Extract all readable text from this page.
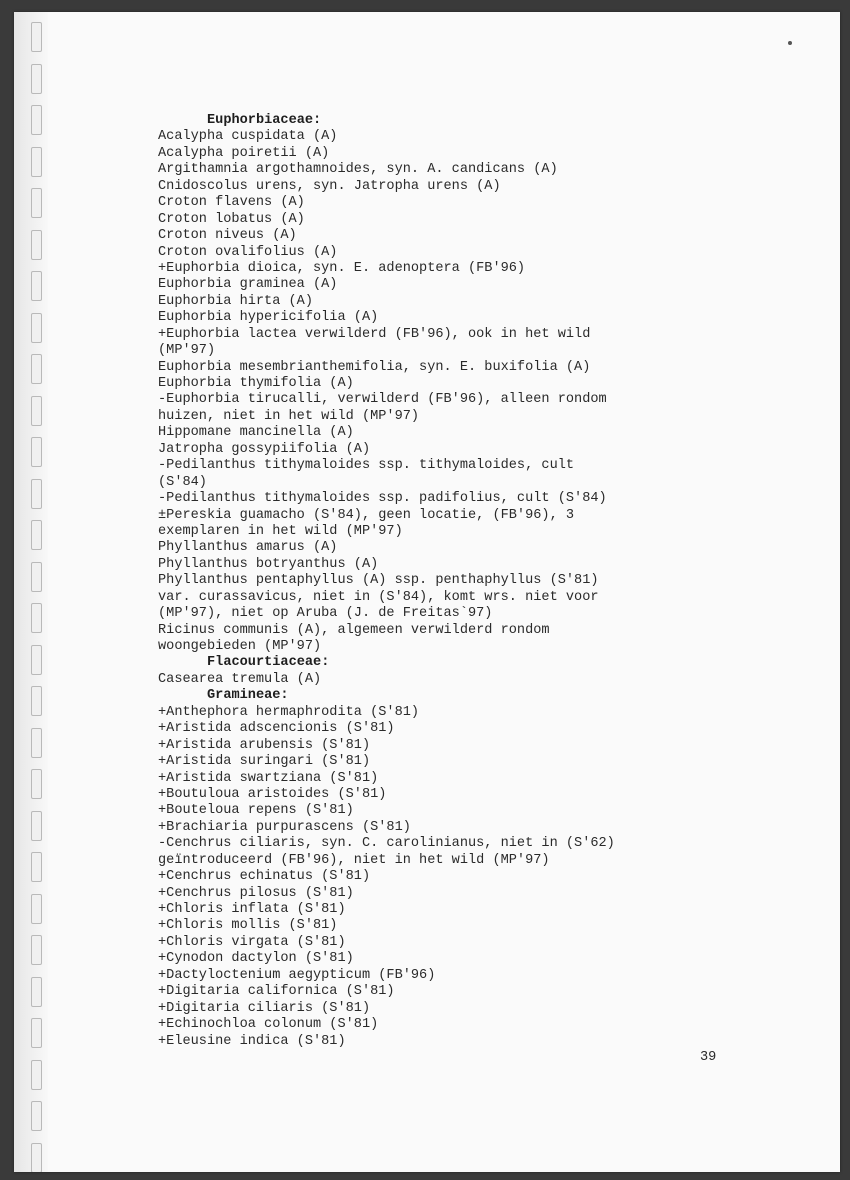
Euphorbiaceae:
Acalypha cuspidata (A)
Acalypha poiretii (A)
Argithamnia argothamnoides, syn. A. candicans (A)
Cnidoscolus urens, syn. Jatropha urens (A)
Croton flavens (A)
Croton lobatus (A)
Croton niveus (A)
Croton ovalifolius (A)
+Euphorbia dioica, syn. E. adenoptera (FB'96)
Euphorbia graminea (A)
Euphorbia hirta (A)
Euphorbia hypericifolia (A)
+Euphorbia lactea verwilderd (FB'96), ook in het wild
(MP'97)
Euphorbia mesembrianthemifolia, syn. E. buxifolia (A)
Euphorbia thymifolia (A)
-Euphorbia tirucalli, verwilderd (FB'96), alleen rondom
huizen, niet in het wild (MP'97)
Hippomane mancinella (A)
Jatropha gossypiifolia (A)
-Pedilanthus tithymaloides ssp. tithymaloides, cult
(S'84)
-Pedilanthus tithymaloides ssp. padifolius, cult (S'84)
±Pereskia guamacho (S'84), geen locatie, (FB'96), 3
exemplaren in het wild (MP'97)
Phyllanthus amarus (A)
Phyllanthus botryanthus (A)
Phyllanthus pentaphyllus (A) ssp. penthaphyllus (S'81)
var. curassavicus, niet in (S'84), komt wrs. niet voor
(MP'97), niet op Aruba (J. de Freitas`97)
Ricinus communis (A), algemeen verwilderd rondom
woongebieden (MP'97)
Flacourtiaceae:
Casearea tremula (A)
Gramineae:
+Anthephora hermaphrodita (S'81)
+Aristida adscencionis (S'81)
+Aristida arubensis (S'81)
+Aristida suringari (S'81)
+Aristida swartziana (S'81)
+Boutuloua aristoides (S'81)
+Bouteloua repens (S'81)
+Brachiaria purpurascens (S'81)
-Cenchrus ciliaris, syn. C. carolinianus, niet in (S'62)
geïntroduceerd (FB'96), niet in het wild (MP'97)
+Cenchrus echinatus (S'81)
+Cenchrus pilosus (S'81)
+Chloris inflata (S'81)
+Chloris mollis (S'81)
+Chloris virgata (S'81)
+Cynodon dactylon (S'81)
+Dactyloctenium aegypticum (FB'96)
+Digitaria californica (S'81)
+Digitaria ciliaris (S'81)
+Echinochloa colonum (S'81)
+Eleusine indica (S'81)
39
